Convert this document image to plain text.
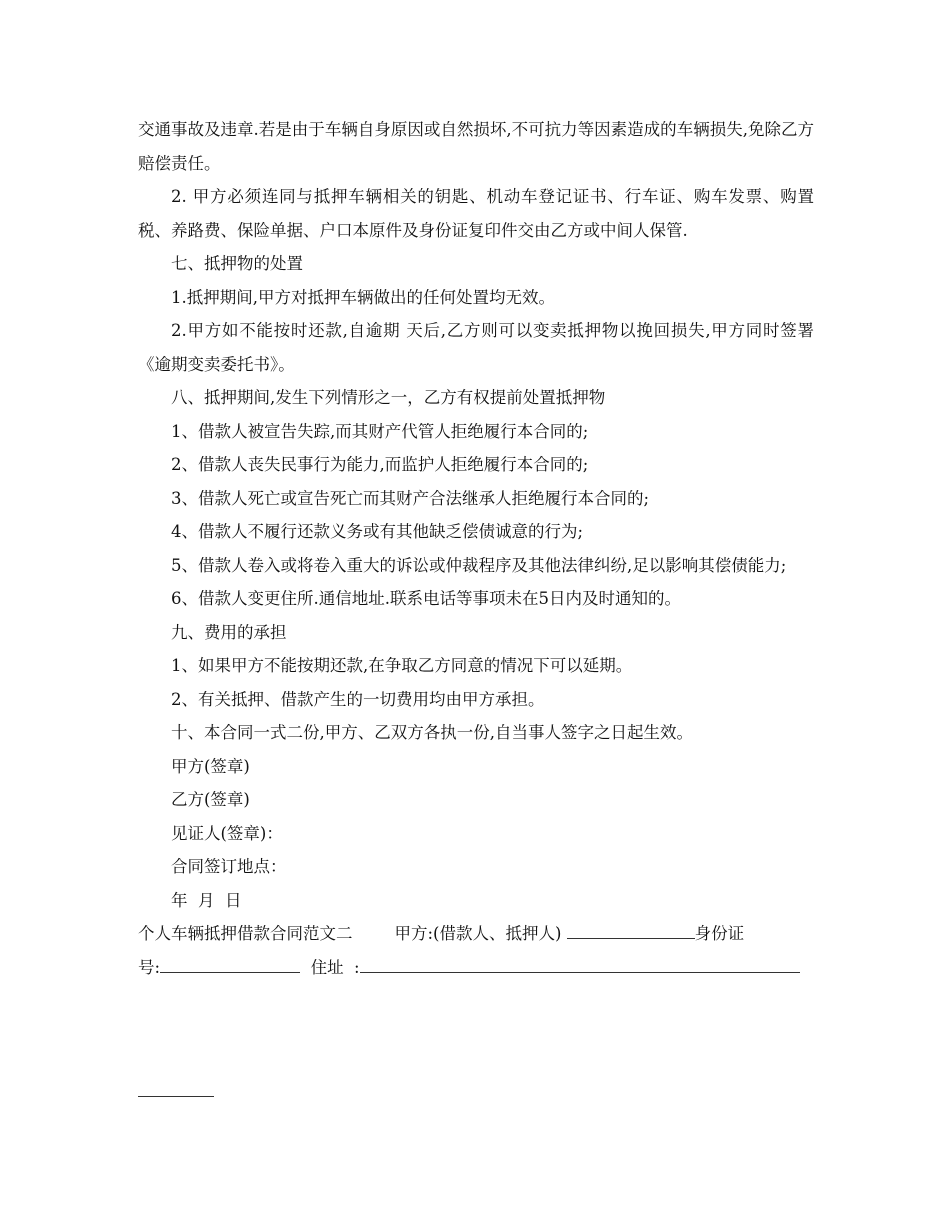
交通事故及违章.若是由于车辆自身原因或自然损坏,不可抗力等因素造成的车辆损失,免除乙方赔偿责任。

2. 甲方必须连同与抵押车辆相关的钥匙、机动车登记证书、行车证、购车发票、购置税、养路费、保险单据、户口本原件及身份证复印件交由乙方或中间人保管.

七、抵押物的处置

1.抵押期间,甲方对抵押车辆做出的任何处置均无效。

2.甲方如不能按时还款,自逾期 天后,乙方则可以变卖抵押物以挽回损失,甲方同时签署《逾期变卖委托书》。

八、抵押期间,发生下列情形之一，乙方有权提前处置抵押物

1、借款人被宣告失踪,而其财产代管人拒绝履行本合同的;

2、借款人丧失民事行为能力,而监护人拒绝履行本合同的;

3、借款人死亡或宣告死亡而其财产合法继承人拒绝履行本合同的;

4、借款人不履行还款义务或有其他缺乏偿债诚意的行为;

5、借款人卷入或将卷入重大的诉讼或仲裁程序及其他法律纠纷,足以影响其偿债能力;

6、借款人变更住所.通信地址.联系电话等事项未在5日内及时通知的。

九、费用的承担

1、如果甲方不能按期还款,在争取乙方同意的情况下可以延期。

2、有关抵押、借款产生的一切费用均由甲方承担。

十、本合同一式二份,甲方、乙双方各执一份,自当事人签字之日起生效。

甲方(签章)

乙方(签章)

见证人(签章)：

合同签订地点：

年  月  日

个人车辆抵押借款合同范文二	甲方:(借款人、抵押人)	身份证

号:	住址  :
